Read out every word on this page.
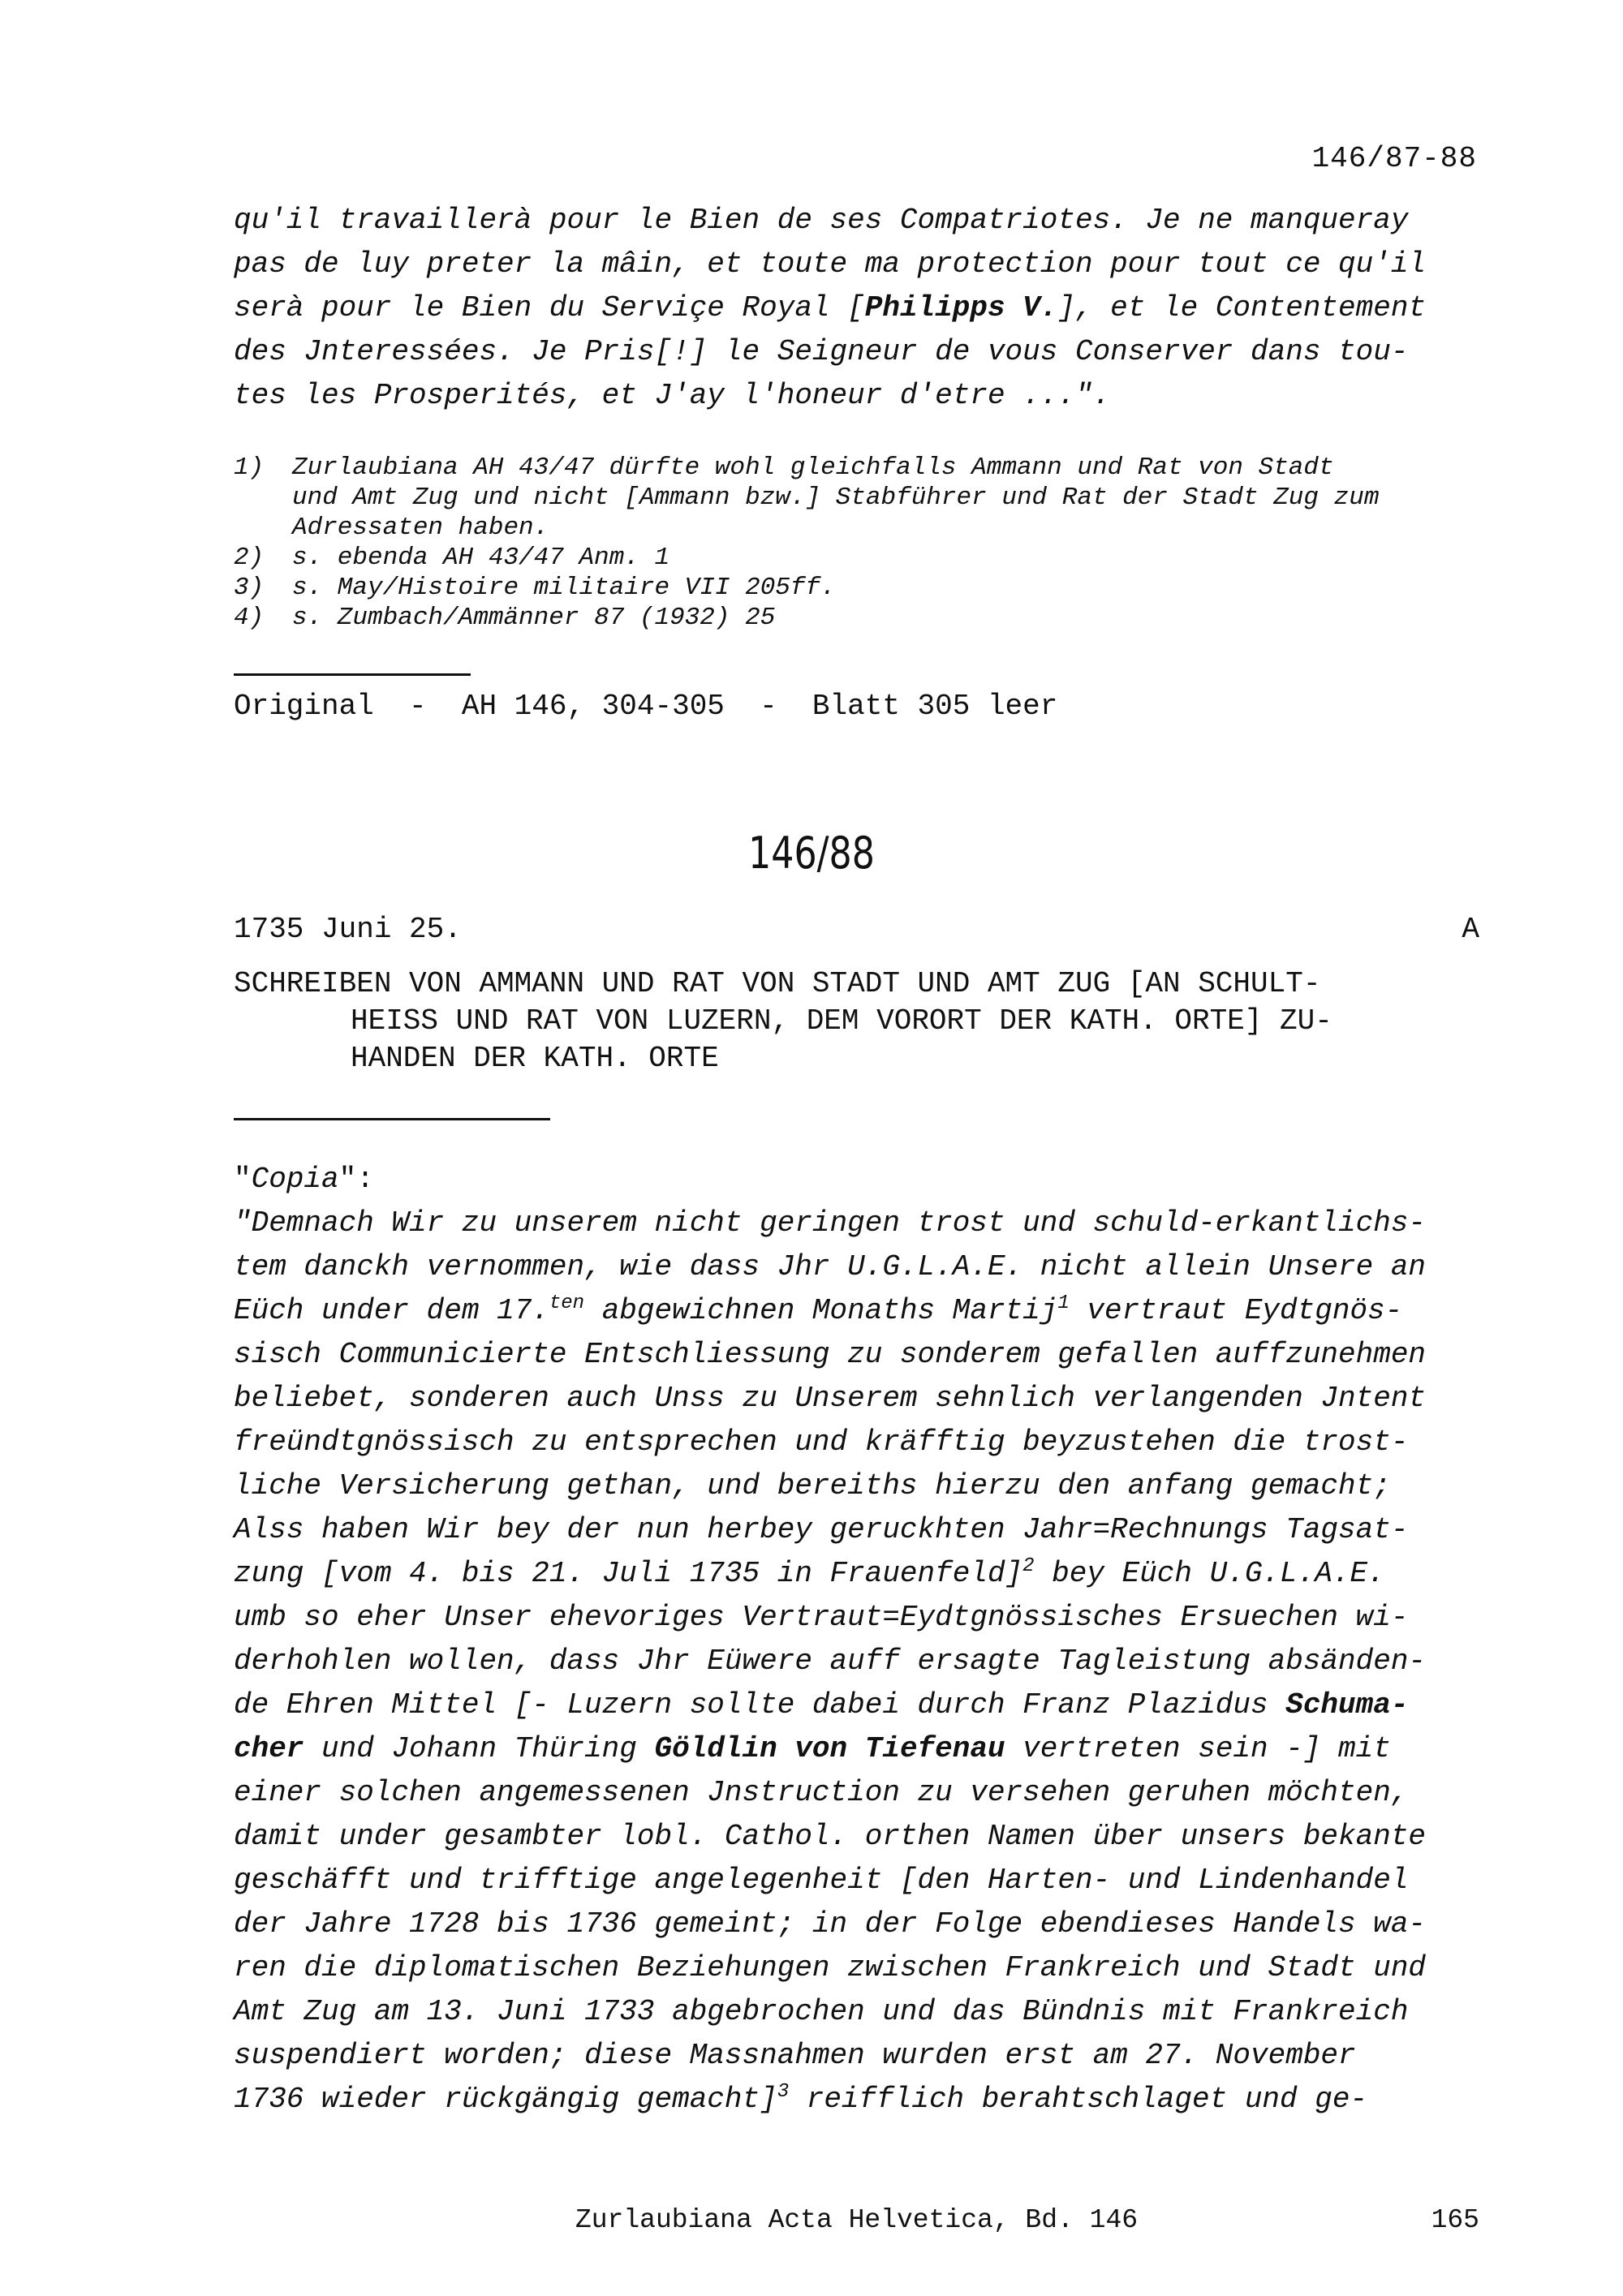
146/87-88
qu'il travaillerà pour le Bien de ses Compatriotes. Je ne manqueray
pas de luy preter la mâin, et toute ma protection pour tout ce qu'il
serà pour le Bien du Serviçe Royal [Philipps V.], et le Contentement
des Jnteressées. Je Pris[!] le Seigneur de vous Conserver dans tou-
tes les Prosperités, et J'ay l'honeur d'etre ...".
1) Zurlaubiana AH 43/47 dürfte wohl gleichfalls Ammann und Rat von Stadt
und Amt Zug und nicht [Ammann bzw.] Stabführer und Rat der Stadt Zug zum
Adressaten haben.
2) s. ebenda AH 43/47 Anm. 1
3) s. May/Histoire militaire VII 205ff.
4) s. Zumbach/Ammänner 87 (1932) 25
Original  -  AH 146, 304-305  -  Blatt 305 leer
146/88
1735 Juni 25.	A
SCHREIBEN VON AMMANN UND RAT VON STADT UND AMT ZUG [AN SCHULT-
HEISS UND RAT VON LUZERN, DEM VORORT DER KATH. ORTE] ZU-
HANDEN DER KATH. ORTE
"Copia":
"Demnach Wir zu unserem nicht geringen trost und schuld-erkantlichs-
tem danckh vernommen, wie dass Jhr U.G.L.A.E. nicht allein Unsere an
Eüch under dem 17.$^{ten}$ abgewichnen Monaths Martij$^1$ vertraut Eydtgnös-
sisch Communicierte Entschliessung zu sonderem gefallen auffzunehmen
beliebet, sonderen auch Unss zu Unserem sehnlich verlangenden Jntent
freündtgnössisch zu entsprechen und kräfftig beyzustehen die trost-
liche Versicherung gethan, und bereiths hierzu den anfang gemacht;
Alss haben Wir bey der nun herbey geruckhten Jahr=Rechnungs Tagsat-
zung [vom 4. bis 21. Juli 1735 in Frauenfeld]$^2$ bey Eüch U.G.L.A.E.
umb so eher Unser ehevoriges Vertraut=Eydtgnössisches Ersuechen wi-
derhohlen wollen, dass Jhr Eüwere auff ersagte Tagleistung absänden-
de Ehren Mittel [- Luzern sollte dabei durch Franz Plazidus Schuma-
cher und Johann Thüring Göldlin von Tiefenau vertreten sein -] mit
einer solchen angemessenen Jnstruction zu versehen geruhen möchten,
damit under gesambter lobl. Cathol. orthen Namen über unsers bekante
geschäfft und trifftige angelegenheit [den Harten- und Lindenhandel
der Jahre 1728 bis 1736 gemeint; in der Folge ebendieses Handels wa-
ren die diplomatischen Beziehungen zwischen Frankreich und Stadt und
Amt Zug am 13. Juni 1733 abgebrochen und das Bündnis mit Frankreich
suspendiert worden; diese Massnahmen wurden erst am 27. November
1736 wieder rückgängig gemacht]$^3$ reifflich berahtschlaget und ge-
Zurlaubiana Acta Helvetica, Bd. 146	165
